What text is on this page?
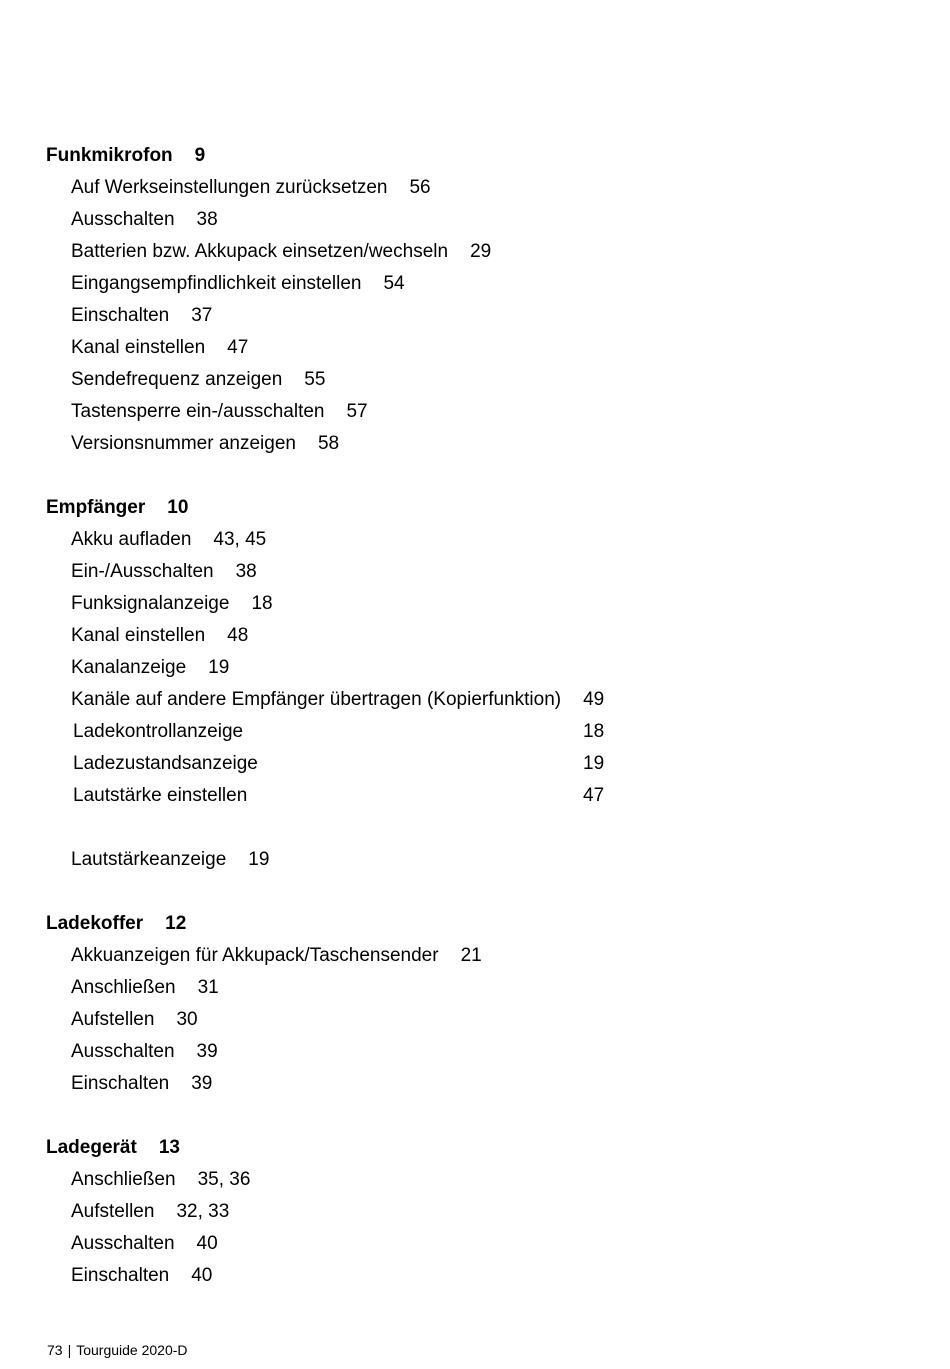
Funkmikrofon 9
Auf Werkseinstellungen zurücksetzen 56
Ausschalten 38
Batterien bzw. Akkupack einsetzen/wechseln 29
Eingangsempfindlichkeit einstellen 54
Einschalten 37
Kanal einstellen 47
Sendefrequenz anzeigen 55
Tastensperre ein-/ausschalten 57
Versionsnummer anzeigen 58
Empfänger 10
Akku aufladen 43, 45
Ein-/Ausschalten 38
Funksignalanzeige 18
Kanal einstellen 48
Kanalanzeige 19
Kanäle auf andere Empfänger übertragen (Kopierfunktion) 49
Ladekontrollanzeige	18
Ladezustandsanzeige	19
Lautstärke einstellen	47
Lautstärkeanzeige 19
Ladekoffer 12
Akkuanzeigen für Akkupack/Taschensender 21
Anschließen 31
Aufstellen 30
Ausschalten 39
Einschalten 39
Ladegerät 13
Anschließen 35, 36
Aufstellen 32, 33
Ausschalten 40
Einschalten 40
73 | Tourguide 2020-D
